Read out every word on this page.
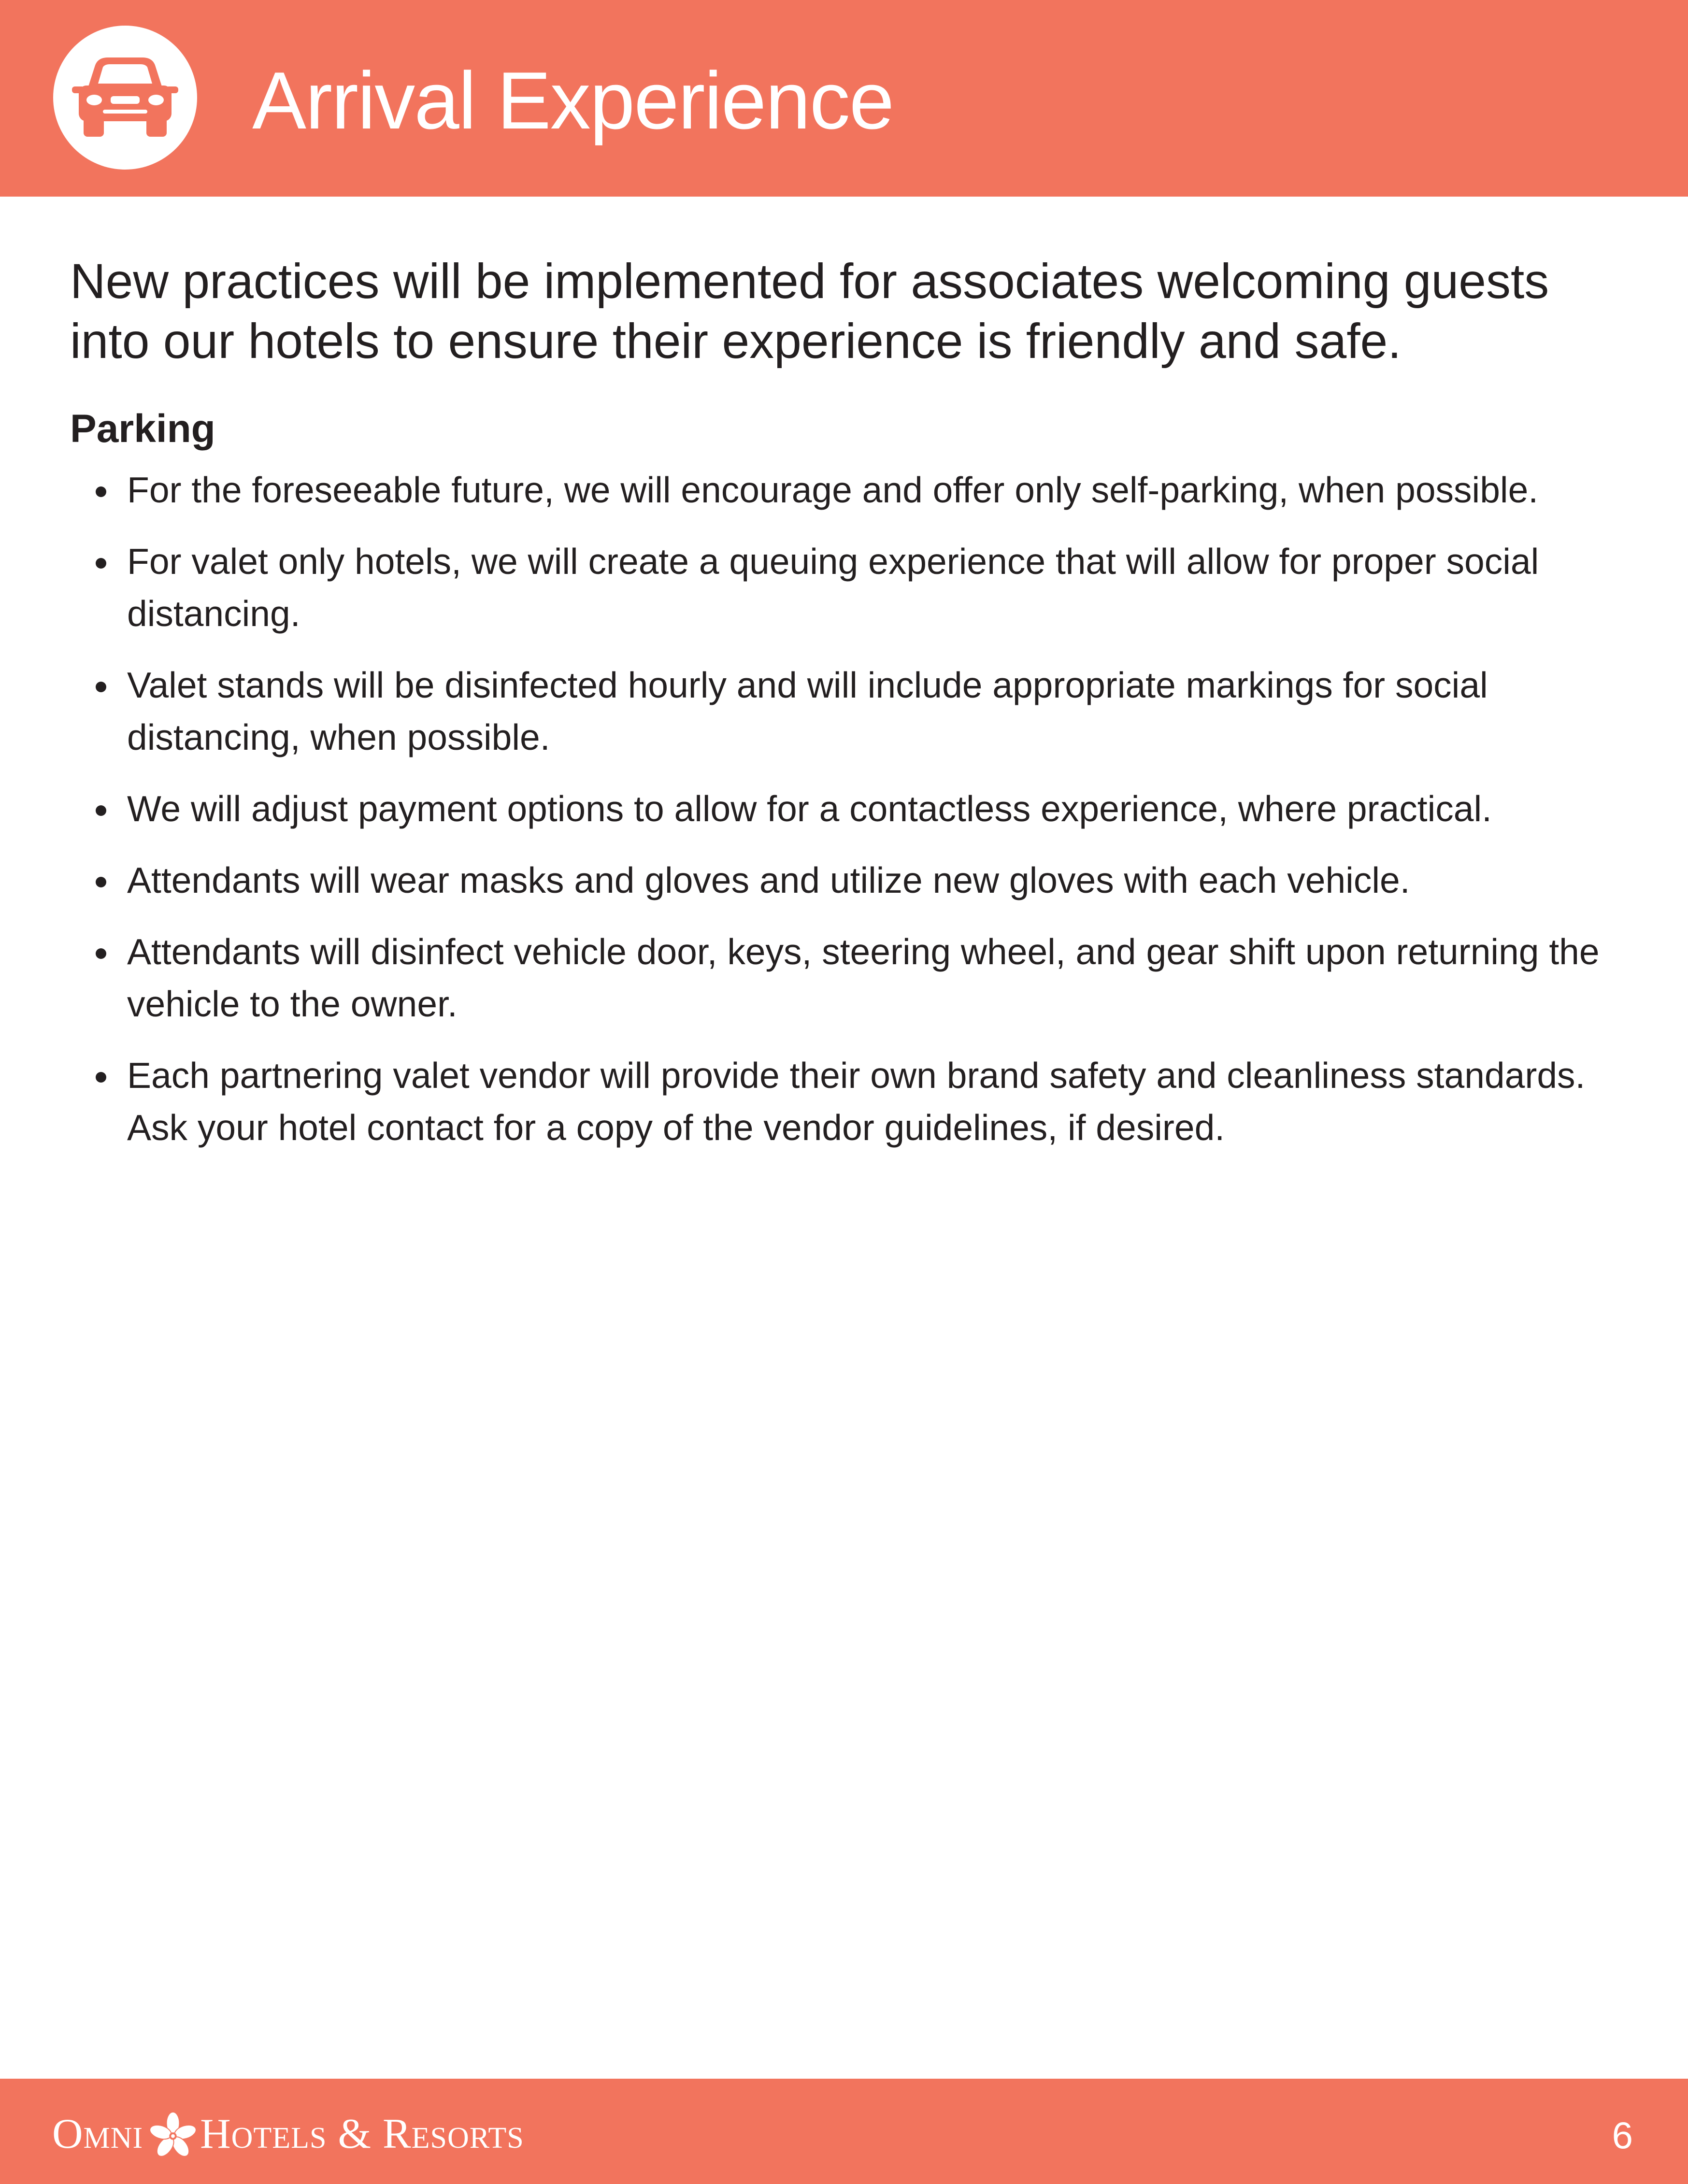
Arrival Experience

New practices will be implemented for associates welcoming guests into our hotels to ensure their experience is friendly and safe.

Parking
For the foreseeable future, we will encourage and offer only self-parking, when possible.
For valet only hotels, we will create a queuing experience that will allow for proper social distancing.
Valet stands will be disinfected hourly and will include appropriate markings for social distancing, when possible.
We will adjust payment options to allow for a contactless experience, where practical.
Attendants will wear masks and gloves and utilize new gloves with each vehicle.
Attendants will disinfect vehicle door, keys, steering wheel, and gear shift upon returning the vehicle to the owner.
Each partnering valet vendor will provide their own brand safety and cleanliness standards. Ask your hotel contact for a copy of the vendor guidelines, if desired.
Omni Hotels & Resorts	6
